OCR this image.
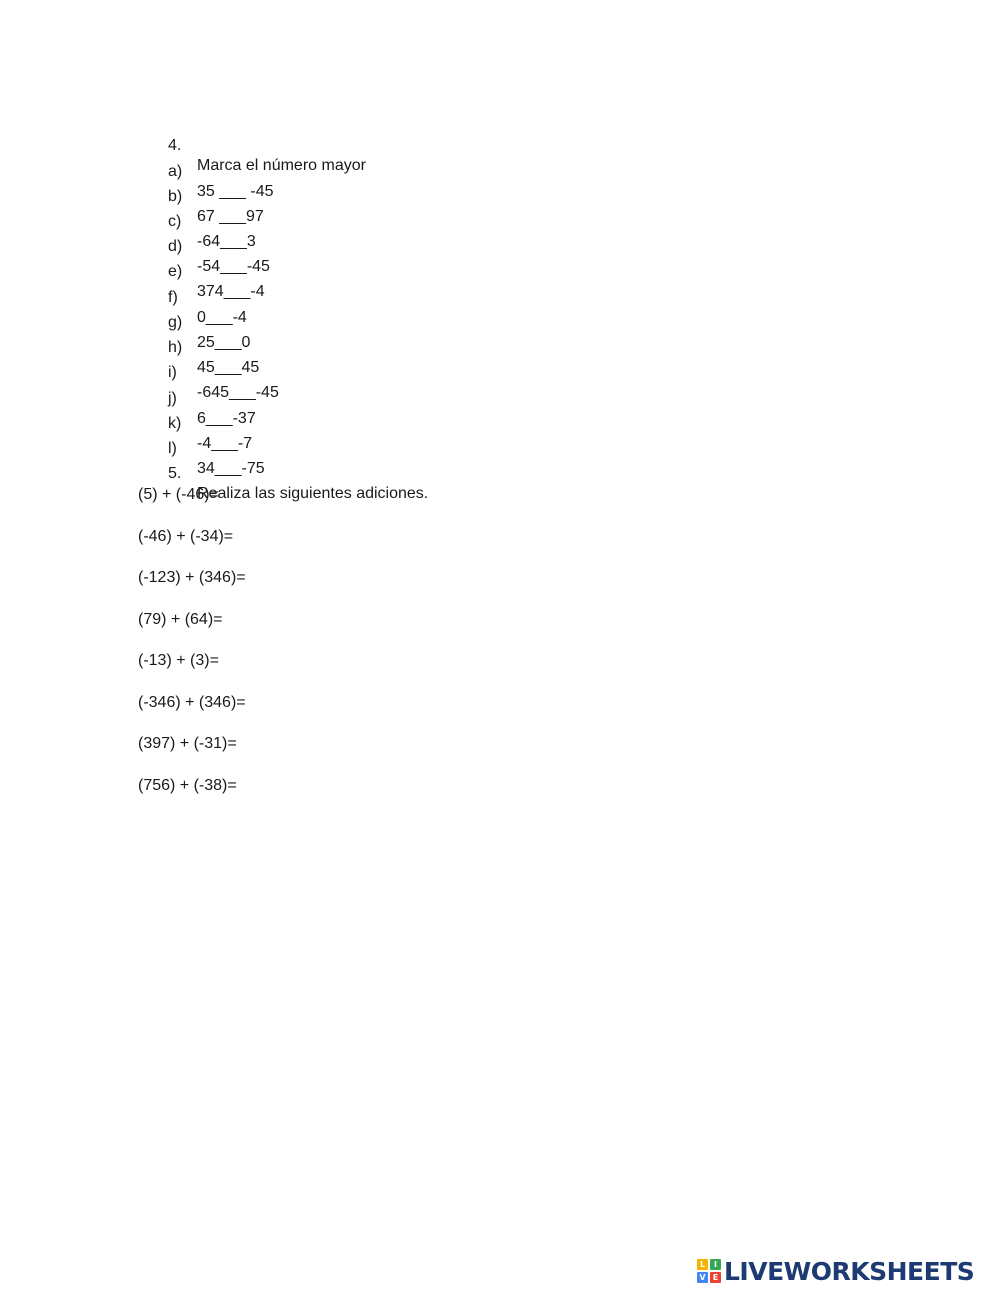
4.

Marca el número mayor

a)

35 ___ -45

b)

67 ___97

c)

-64___3

d)

-54___-45

e)

374___-4

f)

0___-4

g)

25___0

h)

45___45

i)

-645___-45

j)

6___-37

k)

-4___-7

l)

34___-75

5.

Realiza las siguientes adiciones.

(5) + (-46)=
(-46) + (-34)=
(-123) + (346)=
(79) + (64)=
(-13) + (3)=
(-346) + (346)=
(397) + (-31)=
(756) + (-38)=
L	I
V E LIVEWORKSHEETS
